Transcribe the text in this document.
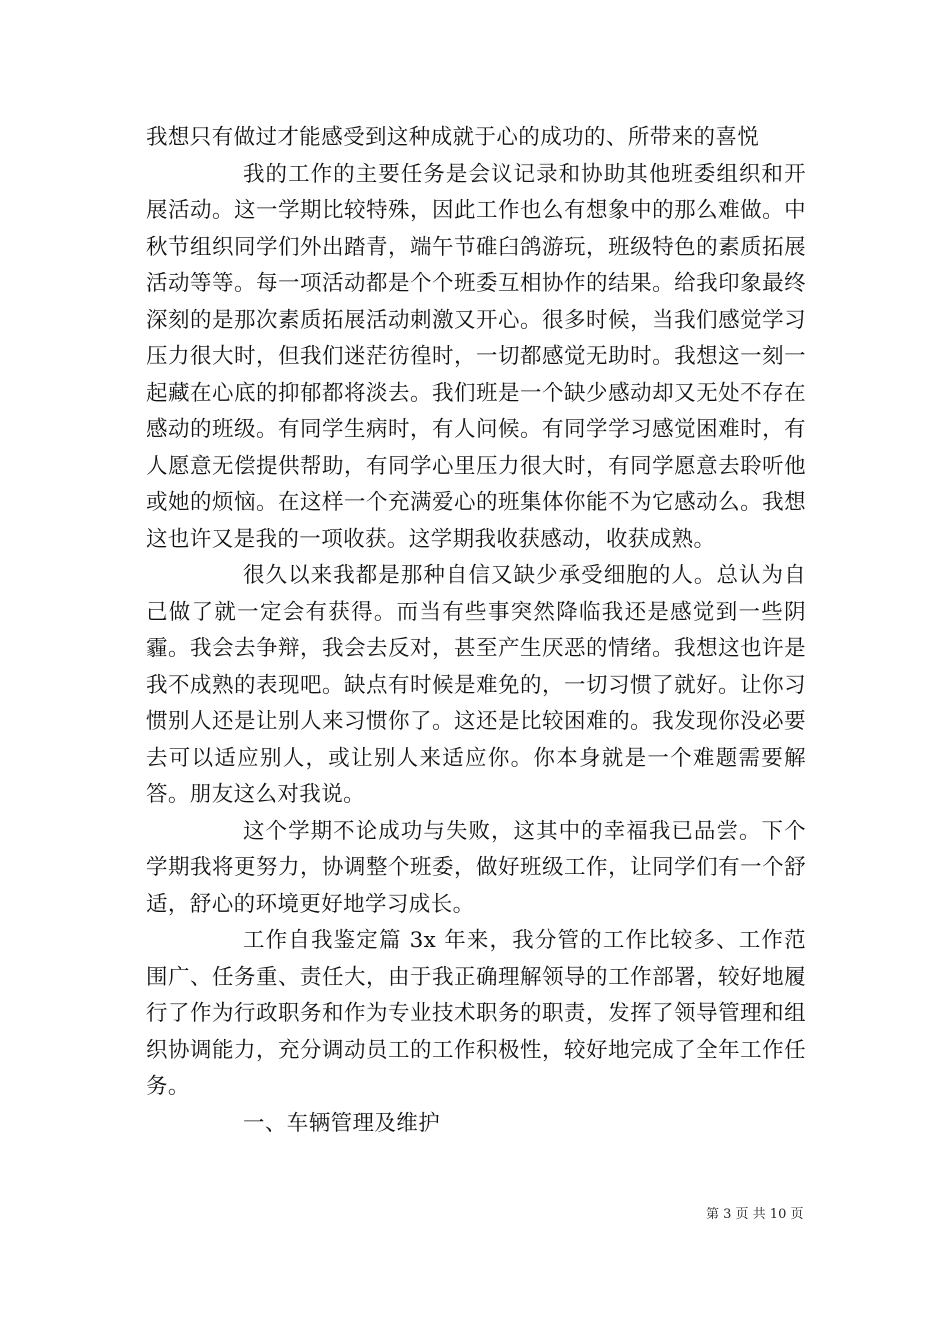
我想只有做过才能感受到这种成就于心的成功的、所带来的喜悦

我的工作的主要任务是会议记录和协助其他班委组织和开展活动。这一学期比较特殊，因此工作也么有想象中的那么难做。中秋节组织同学们外出踏青，端午节碓臼鸽游玩，班级特色的素质拓展活动等等。每一项活动都是个个班委互相协作的结果。给我印象最终深刻的是那次素质拓展活动刺激又开心。很多时候，当我们感觉学习压力很大时，但我们迷茫彷徨时，一切都感觉无助时。我想这一刻一起藏在心底的抑郁都将淡去。我们班是一个缺少感动却又无处不存在感动的班级。有同学生病时，有人问候。有同学学习感觉困难时，有人愿意无偿提供帮助，有同学心里压力很大时，有同学愿意去聆听他或她的烦恼。在这样一个充满爱心的班集体你能不为它感动么。我想这也许又是我的一项收获。这学期我收获感动，收获成熟。

很久以来我都是那种自信又缺少承受细胞的人。总认为自己做了就一定会有获得。而当有些事突然降临我还是感觉到一些阴霾。我会去争辩，我会去反对，甚至产生厌恶的情绪。我想这也许是我不成熟的表现吧。缺点有时候是难免的，一切习惯了就好。让你习惯别人还是让别人来习惯你了。这还是比较困难的。我发现你没必要去可以适应别人，或让别人来适应你。你本身就是一个难题需要解答。朋友这么对我说。

这个学期不论成功与失败，这其中的幸福我已品尝。下个学期我将更努力，协调整个班委，做好班级工作，让同学们有一个舒适，舒心的环境更好地学习成长。

工作自我鉴定篇 3x 年来，我分管的工作比较多、工作范围广、任务重、责任大，由于我正确理解领导的工作部署，较好地履行了作为行政职务和作为专业技术职务的职责，发挥了领导管理和组织协调能力，充分调动员工的工作积极性，较好地完成了全年工作任务。

一、车辆管理及维护

第 3 页 共 10 页
